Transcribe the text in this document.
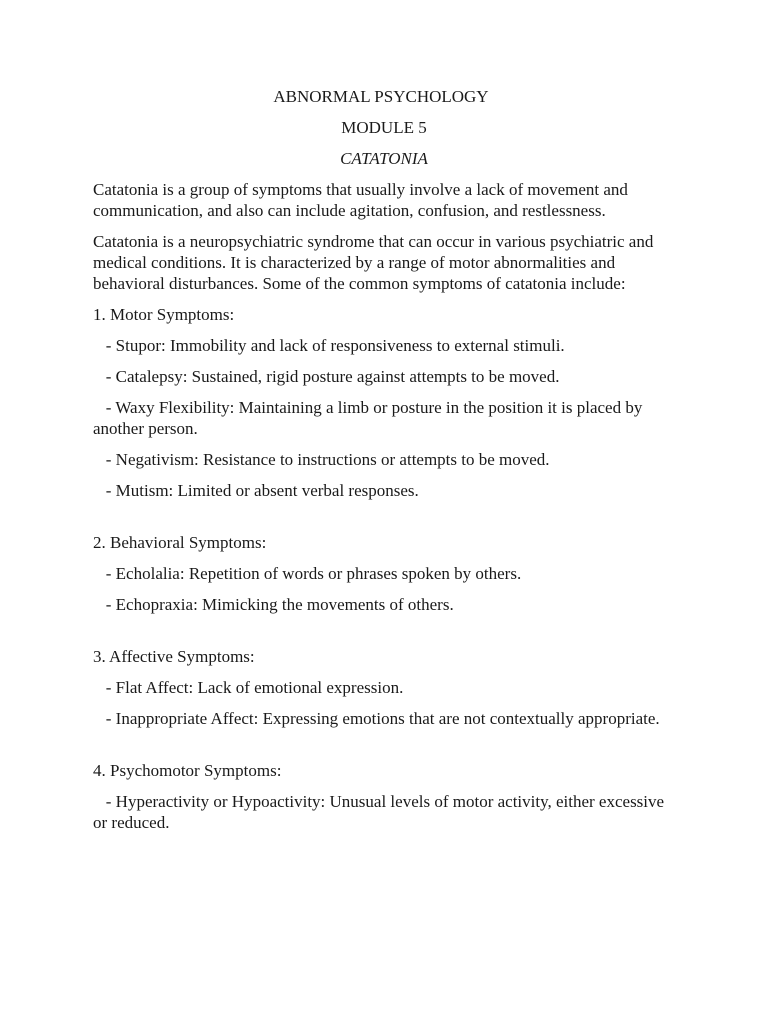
ABNORMAL PSYCHOLOGY
MODULE 5
CATATONIA

Catatonia is a group of symptoms that usually involve a lack of movement and communication, and also can include agitation, confusion, and restlessness.

Catatonia is a neuropsychiatric syndrome that can occur in various psychiatric and medical conditions. It is characterized by a range of motor abnormalities and behavioral disturbances. Some of the common symptoms of catatonia include:

1. Motor Symptoms:

- Stupor: Immobility and lack of responsiveness to external stimuli.

- Catalepsy: Sustained, rigid posture against attempts to be moved.

- Waxy Flexibility: Maintaining a limb or posture in the position it is placed by another person.

- Negativism: Resistance to instructions or attempts to be moved.

- Mutism: Limited or absent verbal responses.

2. Behavioral Symptoms:

- Echolalia: Repetition of words or phrases spoken by others.

- Echopraxia: Mimicking the movements of others.

3. Affective Symptoms:

- Flat Affect: Lack of emotional expression.

- Inappropriate Affect: Expressing emotions that are not contextually appropriate.

4. Psychomotor Symptoms:

- Hyperactivity or Hypoactivity: Unusual levels of motor activity, either excessive or reduced.
